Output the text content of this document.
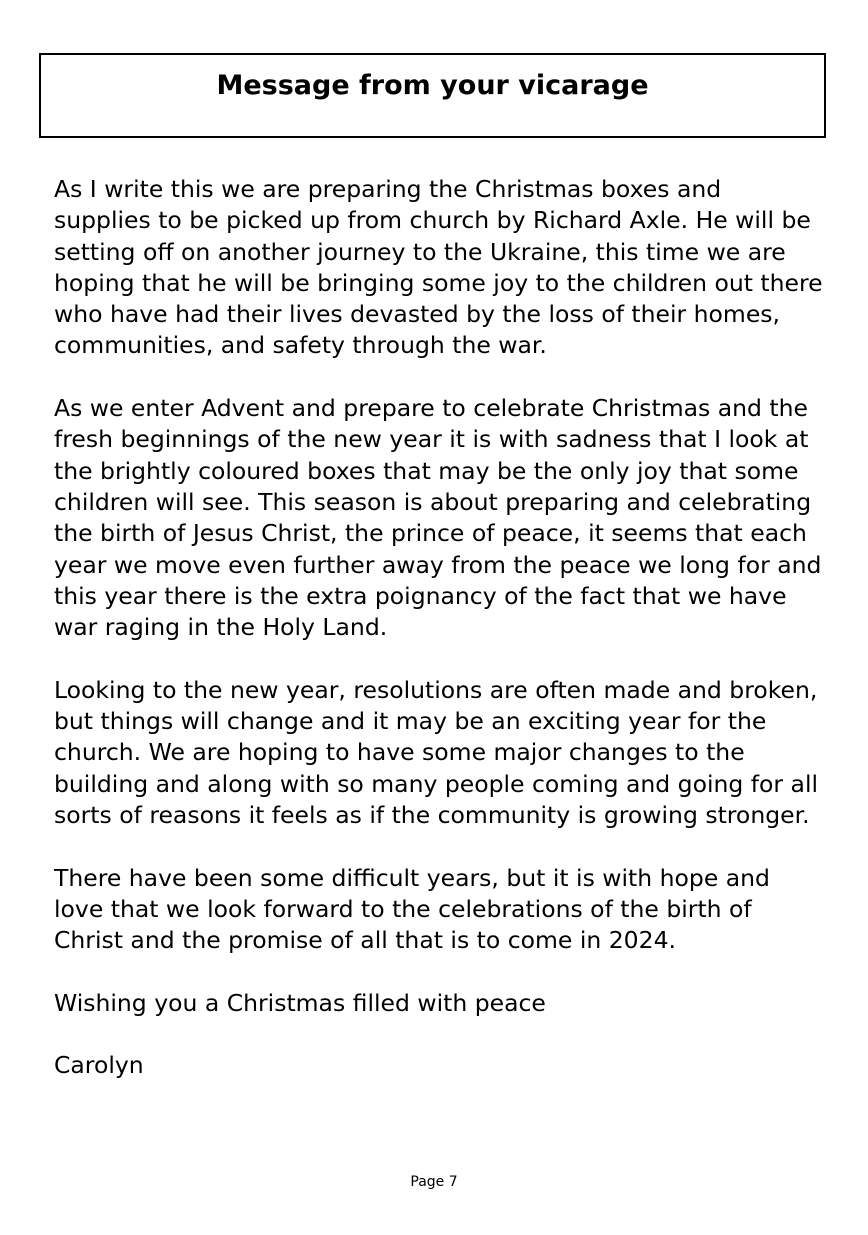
Message from your vicarage

As I write this we are preparing the Christmas boxes and supplies to be picked up from church by Richard Axle. He will be setting off on another journey to the Ukraine, this time we are hoping that he will be bringing some joy to the children out there who have had their lives devasted by the loss of their homes, communities, and safety through the war.

As we enter Advent and prepare to celebrate Christmas and the fresh beginnings of the new year it is with sadness that I look at the brightly coloured boxes that may be the only joy that some children will see. This season is about preparing and celebrating the birth of Jesus Christ, the prince of peace, it seems that each year we move even further away from the peace we long for and this year there is the extra poignancy of the fact that we have war raging in the Holy Land.

Looking to the new year, resolutions are often made and broken, but things will change and it may be an exciting year for the church. We are hoping to have some major changes to the building and along with so many people coming and going for all sorts of reasons it feels as if the community is growing stronger.

There have been some difficult years, but it is with hope and love that we look forward to the celebrations of the birth of Christ and the promise of all that is to come in 2024.

Wishing you a Christmas filled with peace

Carolyn

Page 7
